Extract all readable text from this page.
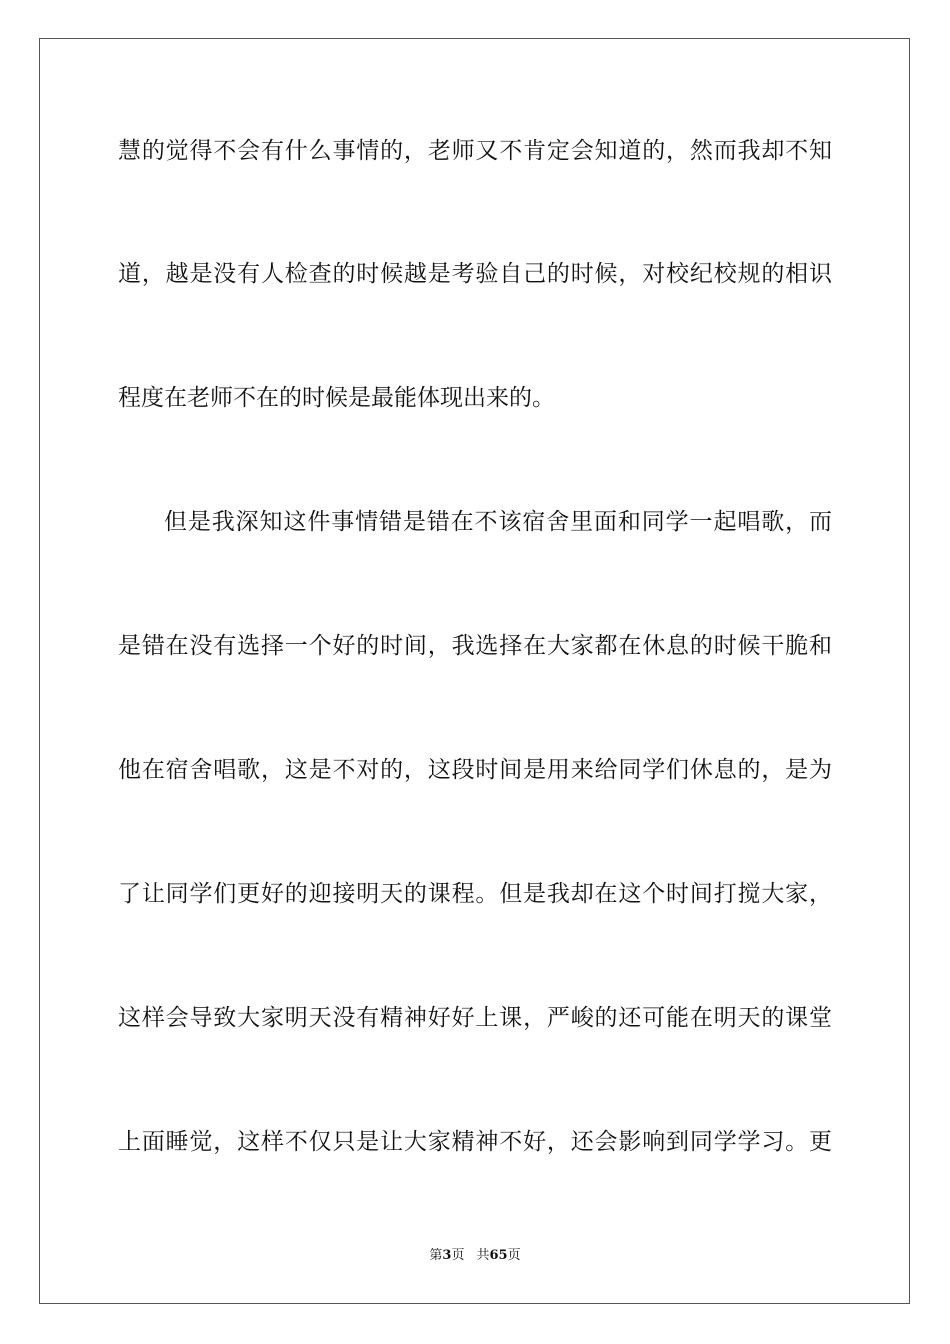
慧的觉得不会有什么事情的，老师又不肯定会知道的，然而我却不知
道，越是没有人检查的时候越是考验自己的时候，对校纪校规的相识
程度在老师不在的时候是最能体现出来的。
但是我深知这件事情错是错在不该宿舍里面和同学一起唱歌，而
是错在没有选择一个好的时间，我选择在大家都在休息的时候干脆和
他在宿舍唱歌，这是不对的，这段时间是用来给同学们休息的，是为
了让同学们更好的迎接明天的课程。但是我却在这个时间打搅大家，
这样会导致大家明天没有精神好好上课，严峻的还可能在明天的课堂
上面睡觉，这样不仅只是让大家精神不好，还会影响到同学学习。更
第3页 共65页
